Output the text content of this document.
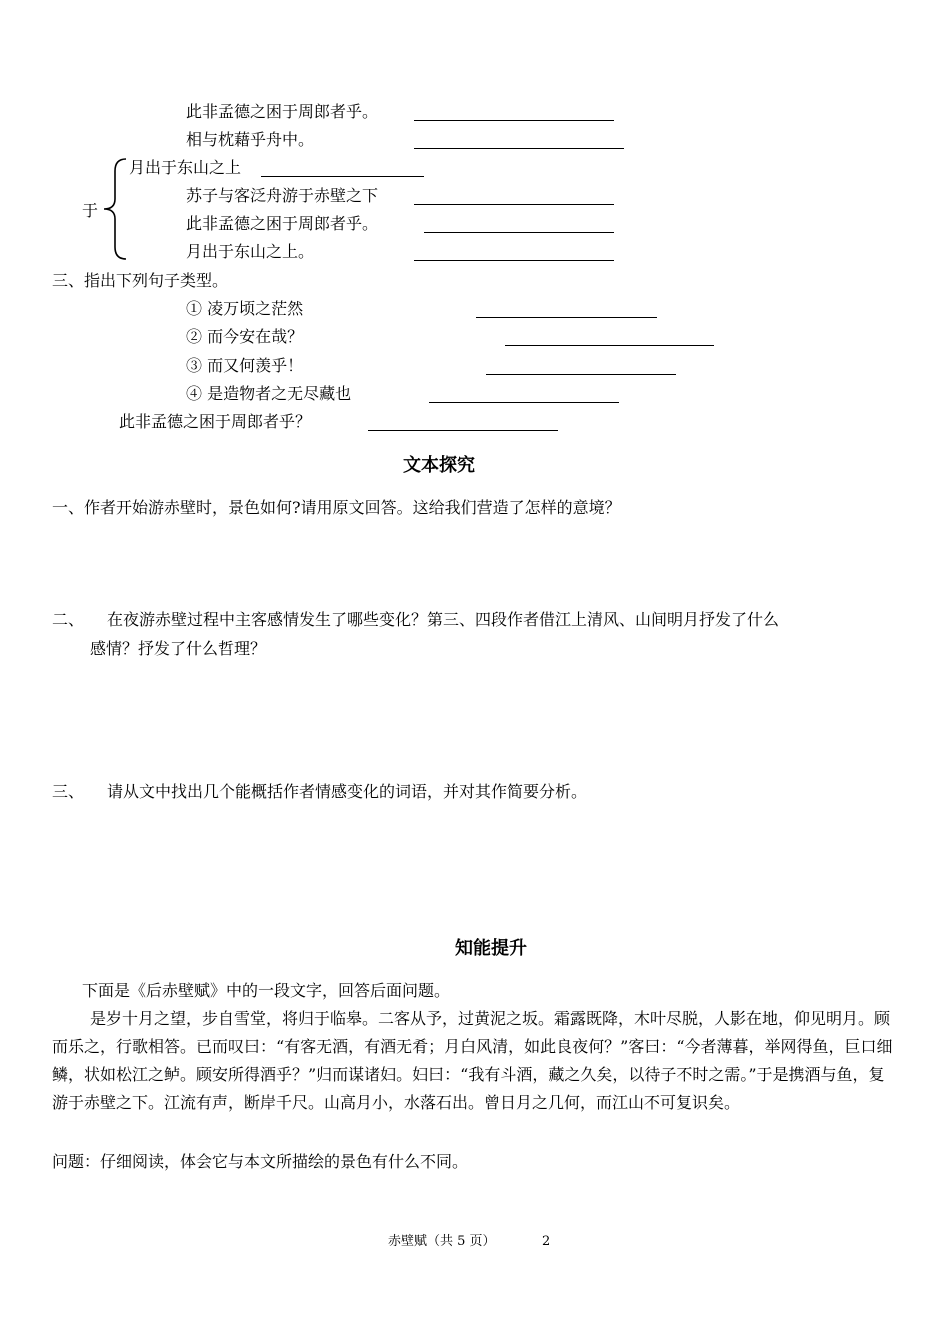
此非孟德之困于周郎者乎。
相与枕藉乎舟中。
于
月出于东山之上
苏子与客泛舟游于赤壁之下
此非孟德之困于周郎者乎。
月出于东山之上。
三、指出下列句子类型。
① 凌万顷之茫然
② 而今安在哉？
③ 而又何羡乎！
④ 是造物者之无尽藏也
此非孟德之困于周郎者乎？
文本探究
一、作者开始游赤壁时，景色如何?请用原文回答。这给我们营造了怎样的意境？
二、 在夜游赤壁过程中主客感情发生了哪些变化？第三、四段作者借江上清风、山间明月抒发了什么
感情？抒发了什么哲理？
三、 请从文中找出几个能概括作者情感变化的词语，并对其作简要分析。
知能提升
下面是《后赤壁赋》中的一段文字，回答后面问题。
是岁十月之望，步自雪堂，将归于临皋。二客从予，过黄泥之坂。霜露既降，木叶尽脱，人影在地，仰见明月。顾而乐之，行歌相答。已而叹曰：“有客无酒，有酒无肴；月白风清，如此良夜何？”客曰：“今者薄暮，举网得鱼，巨口细鳞，状如松江之鲈。顾安所得酒乎？”归而谋诸妇。妇曰：“我有斗酒，藏之久矣，以待子不时之需。”于是携酒与鱼，复游于赤壁之下。江流有声，断岸千尺。山高月小，水落石出。曾日月之几何，而江山不可复识矣。
问题：仔细阅读，体会它与本文所描绘的景色有什么不同。
赤壁赋（共 5 页）	2
